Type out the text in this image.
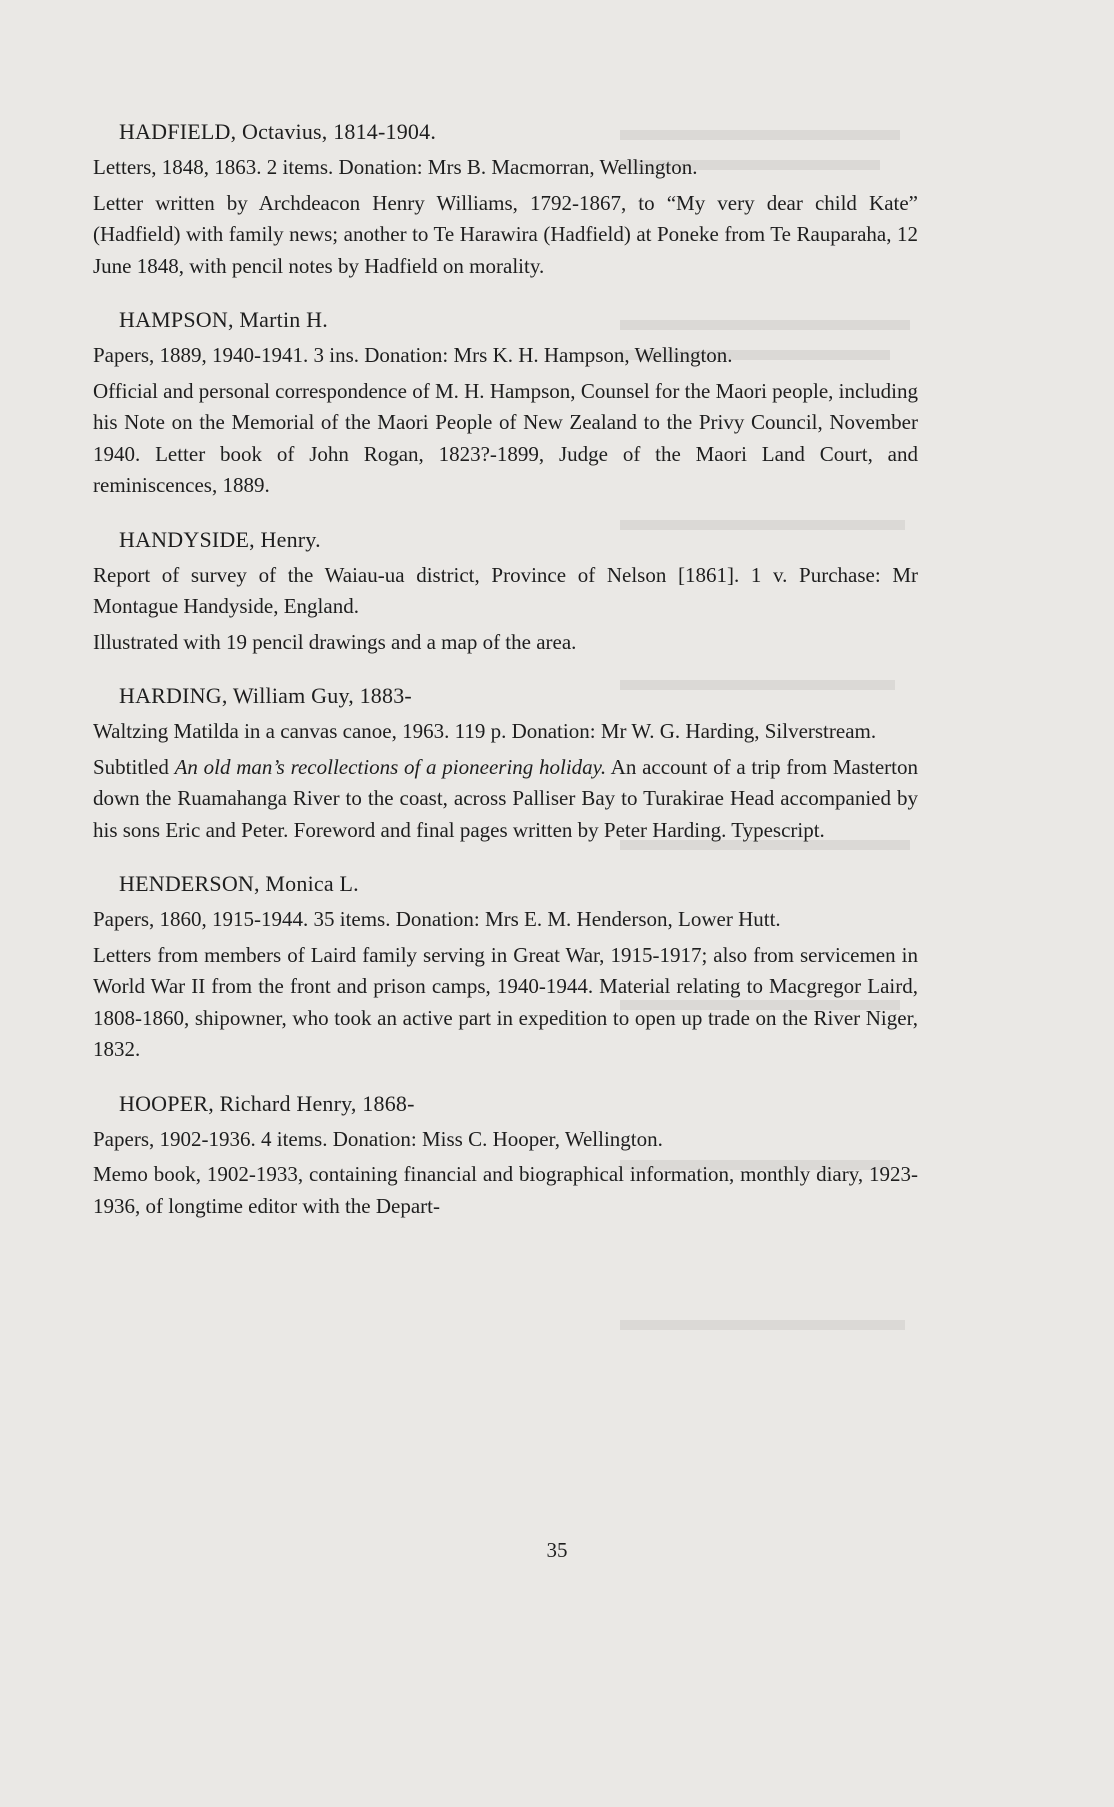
HADFIELD, Octavius, 1814-1904.

Letters, 1848, 1863. 2 items. Donation: Mrs B. Macmorran, Wellington.

Letter written by Archdeacon Henry Williams, 1792-1867, to “My very dear child Kate” (Hadfield) with family news; another to Te Harawira (Hadfield) at Poneke from Te Rauparaha, 12 June 1848, with pencil notes by Hadfield on morality.

HAMPSON, Martin H.

Papers, 1889, 1940-1941. 3 ins. Donation: Mrs K. H. Hampson, Wellington.

Official and personal correspondence of M. H. Hampson, Counsel for the Maori people, including his Note on the Memorial of the Maori People of New Zealand to the Privy Council, November 1940. Letter book of John Rogan, 1823?-1899, Judge of the Maori Land Court, and reminiscences, 1889.

HANDYSIDE, Henry.

Report of survey of the Waiau-ua district, Province of Nelson [1861]. 1 v. Purchase: Mr Montague Handyside, England.

Illustrated with 19 pencil drawings and a map of the area.

HARDING, William Guy, 1883-

Waltzing Matilda in a canvas canoe, 1963. 119 p. Donation: Mr W. G. Harding, Silverstream.

Subtitled An old man’s recollections of a pioneering holiday. An account of a trip from Masterton down the Ruamahanga River to the coast, across Palliser Bay to Turakirae Head accompanied by his sons Eric and Peter. Foreword and final pages written by Peter Harding. Typescript.

HENDERSON, Monica L.

Papers, 1860, 1915-1944. 35 items. Donation: Mrs E. M. Henderson, Lower Hutt.

Letters from members of Laird family serving in Great War, 1915-1917; also from servicemen in World War II from the front and prison camps, 1940-1944. Material relating to Macgregor Laird, 1808-1860, shipowner, who took an active part in expedition to open up trade on the River Niger, 1832.

HOOPER, Richard Henry, 1868-

Papers, 1902-1936. 4 items. Donation: Miss C. Hooper, Wellington.

Memo book, 1902-1933, containing financial and biographical information, monthly diary, 1923-1936, of longtime editor with the Depart-

35
